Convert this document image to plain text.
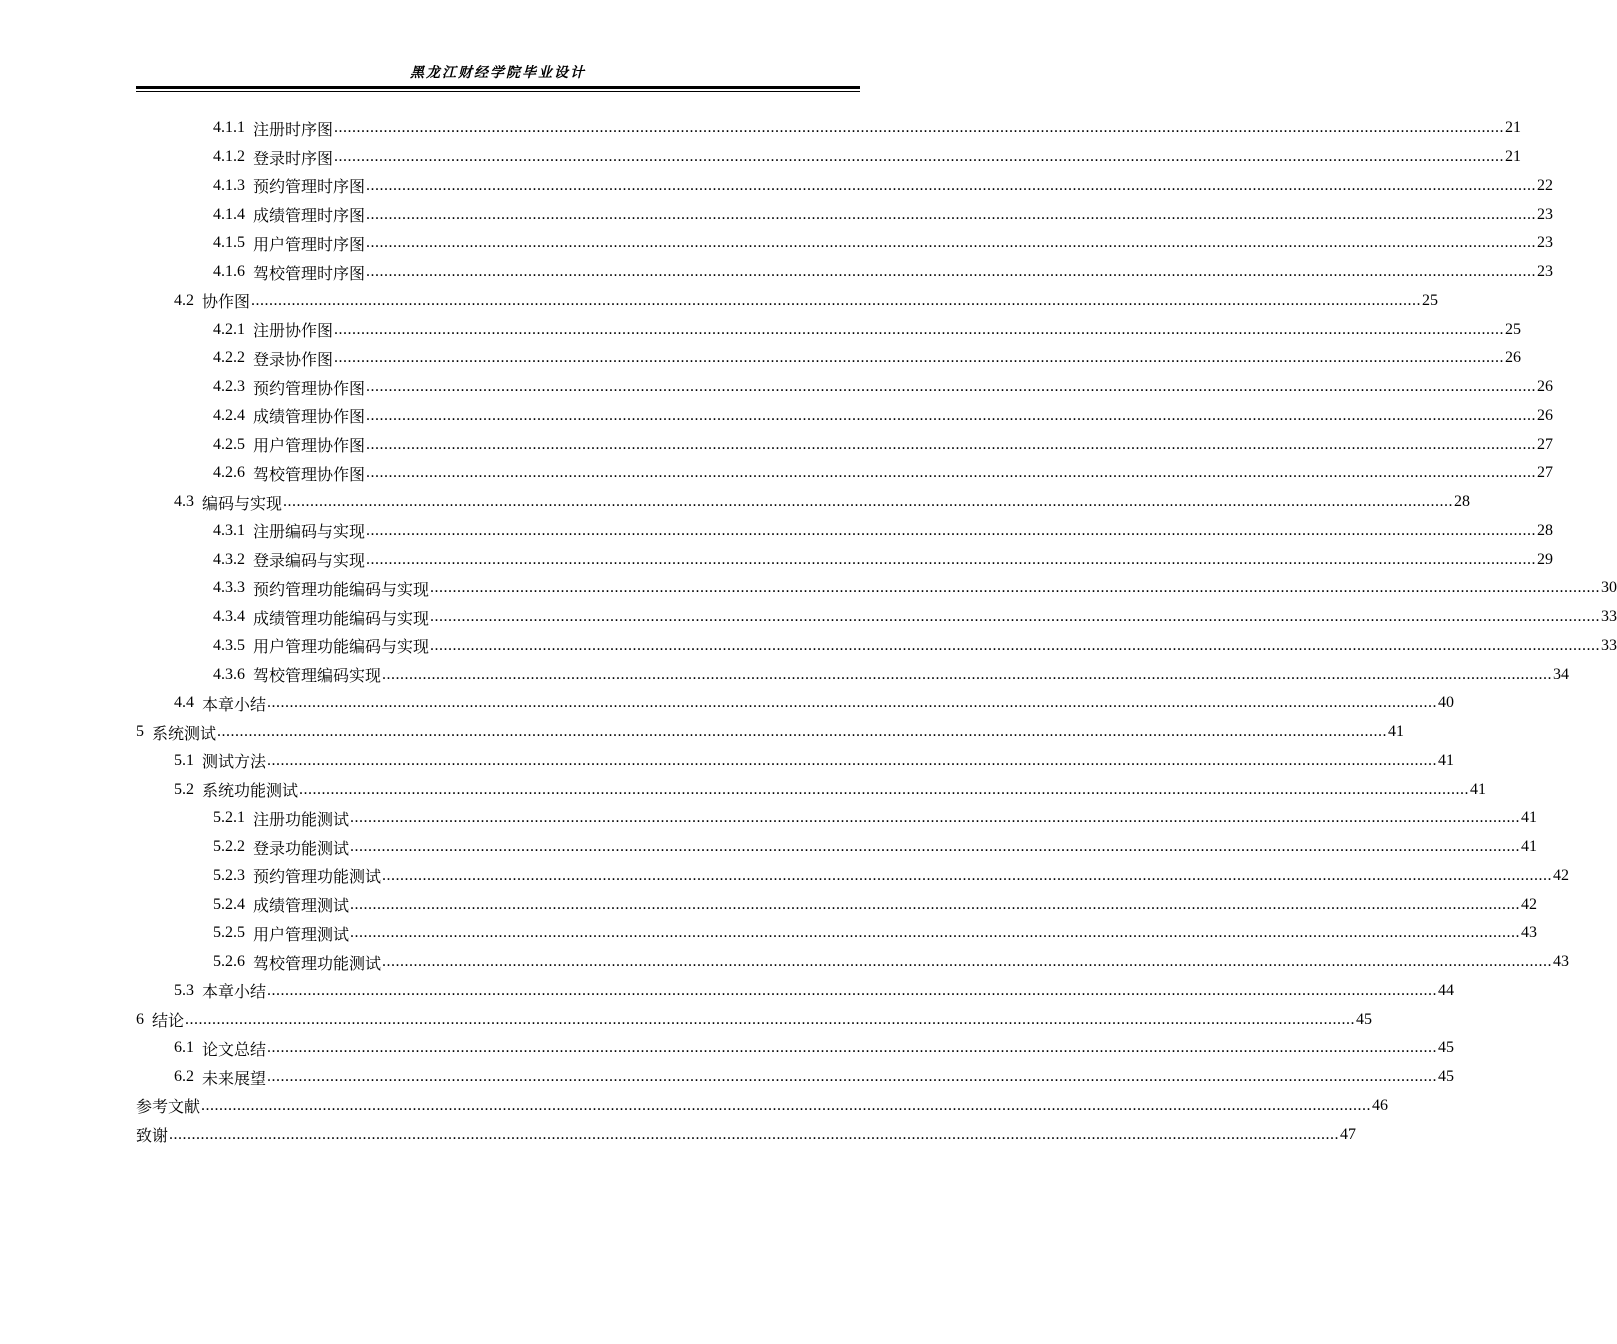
黑龙江财经学院毕业设计
4.1.1
注册时序图 .................................................................................................................................................................................................................................................................... 21
4.1.2
登录时序图 .................................................................................................................................................................................................................................................................... 21
4.1.3
预约管理时序图 .................................................................................................................................................................................................................................................................... 22
4.1.4
成绩管理时序图 .................................................................................................................................................................................................................................................................... 23
4.1.5
用户管理时序图 .................................................................................................................................................................................................................................................................... 23
4.1.6
驾校管理时序图 .................................................................................................................................................................................................................................................................... 23
4.2
协作图 .................................................................................................................................................................................................................................................................... 25
4.2.1
注册协作图 .................................................................................................................................................................................................................................................................... 25
4.2.2
登录协作图 .................................................................................................................................................................................................................................................................... 26
4.2.3
预约管理协作图 .................................................................................................................................................................................................................................................................... 26
4.2.4
成绩管理协作图 .................................................................................................................................................................................................................................................................... 26
4.2.5
用户管理协作图 .................................................................................................................................................................................................................................................................... 27
4.2.6
驾校管理协作图 .................................................................................................................................................................................................................................................................... 27
4.3
编码与实现 .................................................................................................................................................................................................................................................................... 28
4.3.1
注册编码与实现 .................................................................................................................................................................................................................................................................... 28
4.3.2
登录编码与实现 .................................................................................................................................................................................................................................................................... 29
4.3.3
预约管理功能编码与实现 .................................................................................................................................................................................................................................................................... 30
4.3.4
成绩管理功能编码与实现 .................................................................................................................................................................................................................................................................... 33
4.3.5
用户管理功能编码与实现 .................................................................................................................................................................................................................................................................... 33
4.3.6
驾校管理编码实现 .................................................................................................................................................................................................................................................................... 34
4.4
本章小结 .................................................................................................................................................................................................................................................................... 40
5
系统测试 .................................................................................................................................................................................................................................................................... 41
5.1
测试方法 .................................................................................................................................................................................................................................................................... 41
5.2
系统功能测试 .................................................................................................................................................................................................................................................................... 41
5.2.1
注册功能测试 .................................................................................................................................................................................................................................................................... 41
5.2.2
登录功能测试 .................................................................................................................................................................................................................................................................... 41
5.2.3
预约管理功能测试 .................................................................................................................................................................................................................................................................... 42
5.2.4
成绩管理测试 .................................................................................................................................................................................................................................................................... 42
5.2.5
用户管理测试 .................................................................................................................................................................................................................................................................... 43
5.2.6
驾校管理功能测试 .................................................................................................................................................................................................................................................................... 43
5.3
本章小结 .................................................................................................................................................................................................................................................................... 44
6
结论 .................................................................................................................................................................................................................................................................... 45
6.1
论文总结 .................................................................................................................................................................................................................................................................... 45
6.2
未来展望 .................................................................................................................................................................................................................................................................... 45
参考文献 .................................................................................................................................................................................................................................................................... 46
致谢 .................................................................................................................................................................................................................................................................... 47
